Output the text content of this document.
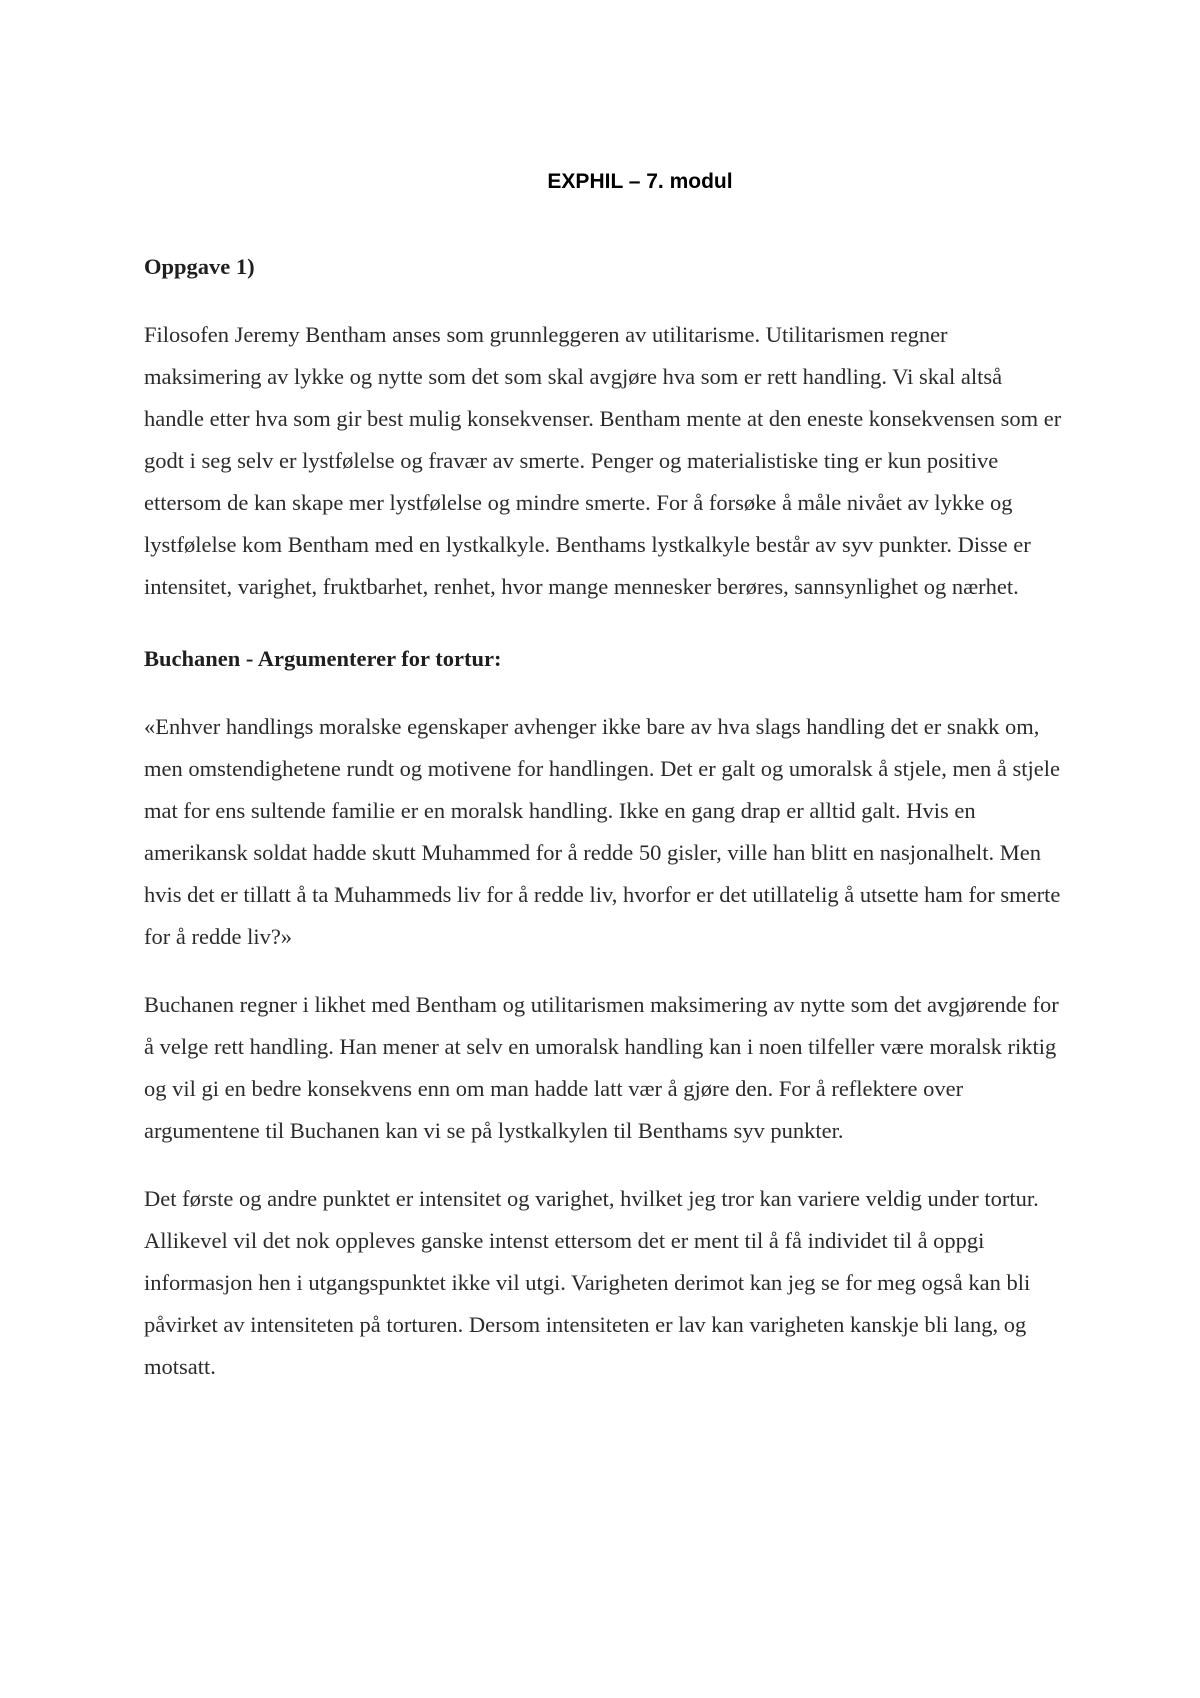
EXPHIL – 7. modul

Oppgave 1)

Filosofen Jeremy Bentham anses som grunnleggeren av utilitarisme. Utilitarismen regner maksimering av lykke og nytte som det som skal avgjøre hva som er rett handling. Vi skal altså handle etter hva som gir best mulig konsekvenser. Bentham mente at den eneste konsekvensen som er godt i seg selv er lystfølelse og fravær av smerte. Penger og materialistiske ting er kun positive ettersom de kan skape mer lystfølelse og mindre smerte. For å forsøke å måle nivået av lykke og lystfølelse kom Bentham med en lystkalkyle. Benthams lystkalkyle består av syv punkter. Disse er intensitet, varighet, fruktbarhet, renhet, hvor mange mennesker berøres, sannsynlighet og nærhet.

Buchanen - Argumenterer for tortur:

«Enhver handlings moralske egenskaper avhenger ikke bare av hva slags handling det er snakk om, men omstendighetene rundt og motivene for handlingen. Det er galt og umoralsk å stjele, men å stjele mat for ens sultende familie er en moralsk handling. Ikke en gang drap er alltid galt. Hvis en amerikansk soldat hadde skutt Muhammed for å redde 50 gisler, ville han blitt en nasjonalhelt. Men hvis det er tillatt å ta Muhammeds liv for å redde liv, hvorfor er det utillatelig å utsette ham for smerte for å redde liv?»

Buchanen regner i likhet med Bentham og utilitarismen maksimering av nytte som det avgjørende for å velge rett handling. Han mener at selv en umoralsk handling kan i noen tilfeller være moralsk riktig og vil gi en bedre konsekvens enn om man hadde latt vær å gjøre den. For å reflektere over argumentene til Buchanen kan vi se på lystkalkylen til Benthams syv punkter.

Det første og andre punktet er intensitet og varighet, hvilket jeg tror kan variere veldig under tortur. Allikevel vil det nok oppleves ganske intenst ettersom det er ment til å få individet til å oppgi informasjon hen i utgangspunktet ikke vil utgi. Varigheten derimot kan jeg se for meg også kan bli påvirket av intensiteten på torturen. Dersom intensiteten er lav kan varigheten kanskje bli lang, og motsatt.
